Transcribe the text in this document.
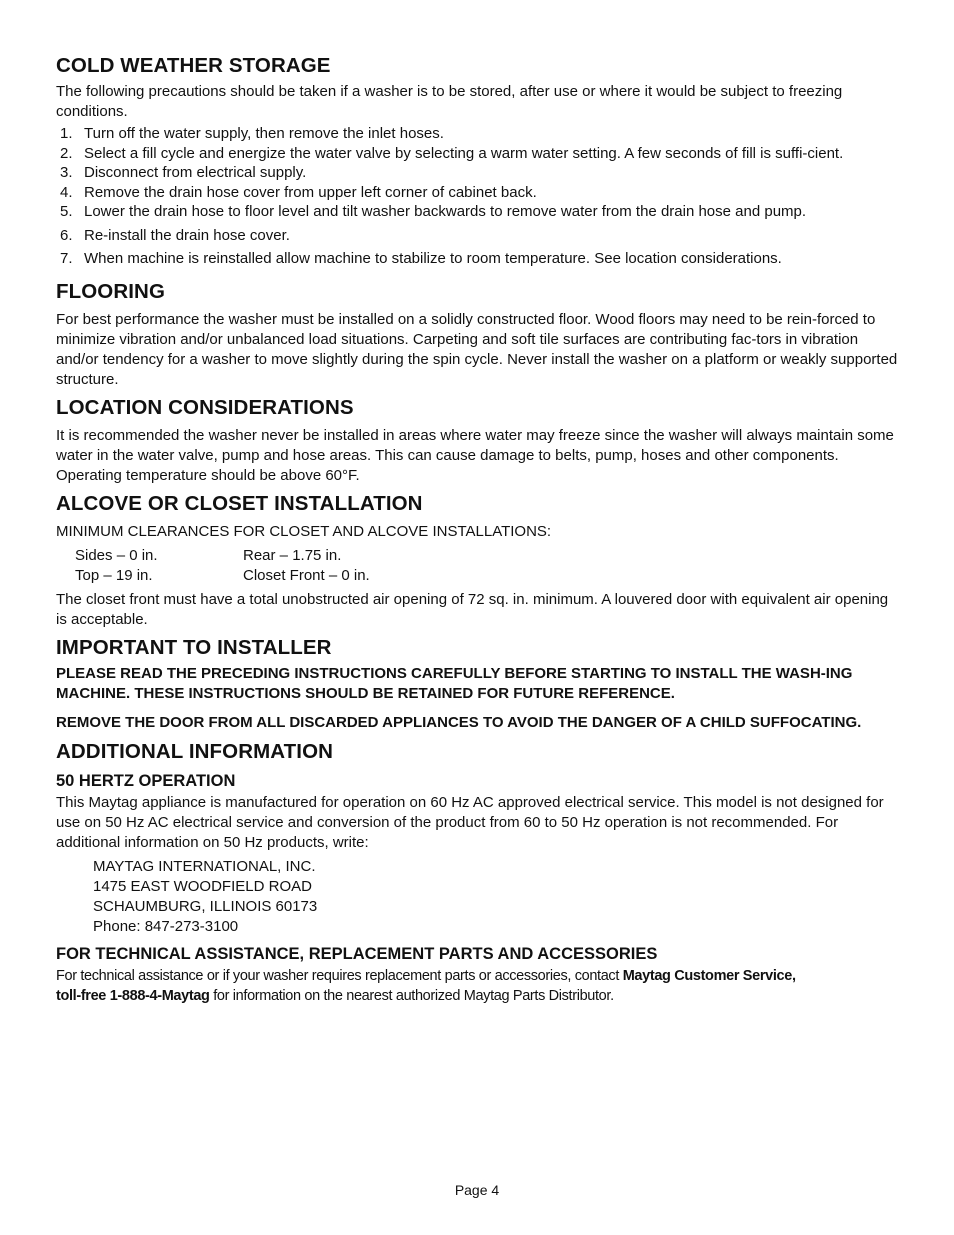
COLD WEATHER STORAGE

The following precautions should be taken if a washer is to be stored, after use or where it would be subject to freezing conditions.

1. Turn off the water supply, then remove the inlet hoses.
2. Select a fill cycle and energize the water valve by selecting a warm water setting. A few seconds of fill is suffi-cient.
3. Disconnect from electrical supply.
4. Remove the drain hose cover from upper left corner of cabinet back.
5. Lower the drain hose to floor level and tilt washer backwards to remove water from the drain hose and pump.
6. Re-install the drain hose cover.
7. When machine is reinstalled allow machine to stabilize to room temperature. See location considerations.
FLOORING

For best performance the washer must be installed on a solidly constructed floor. Wood floors may need to be rein-forced to minimize vibration and/or unbalanced load situations. Carpeting and soft tile surfaces are contributing fac-tors in vibration and/or tendency for a washer to move slightly during the spin cycle. Never install the washer on a platform or weakly supported structure.

LOCATION CONSIDERATIONS

It is recommended the washer never be installed in areas where water may freeze since the washer will always maintain some water in the water valve, pump and hose areas. This can cause damage to belts, pump, hoses and other components. Operating temperature should be above 60°F.

ALCOVE OR CLOSET INSTALLATION

MINIMUM CLEARANCES FOR CLOSET AND ALCOVE INSTALLATIONS:

Sides – 0 in.	Rear – 1.75 in.
Top – 19 in.	Closet Front – 0 in.

The closet front must have a total unobstructed air opening of 72 sq. in. minimum. A louvered door with equivalent air opening is acceptable.

IMPORTANT TO INSTALLER

PLEASE READ THE PRECEDING INSTRUCTIONS CAREFULLY BEFORE STARTING TO INSTALL THE WASH-ING MACHINE. THESE INSTRUCTIONS SHOULD BE RETAINED FOR FUTURE REFERENCE.

REMOVE THE DOOR FROM ALL DISCARDED APPLIANCES TO AVOID THE DANGER OF A CHILD SUFFOCATING.

ADDITIONAL INFORMATION
50 HERTZ OPERATION

This Maytag appliance is manufactured for operation on 60 Hz AC approved electrical service. This model is not designed for use on 50 Hz AC electrical service and conversion of the product from 60 to 50 Hz operation is not recommended. For additional information on 50 Hz products, write:

MAYTAG INTERNATIONAL, INC.
1475 EAST WOODFIELD ROAD
SCHAUMBURG, ILLINOIS 60173
Phone: 847-273-3100
FOR TECHNICAL ASSISTANCE, REPLACEMENT PARTS AND ACCESSORIES

For technical assistance or if your washer requires replacement parts or accessories, contact Maytag Customer Service,
toll-free 1-888-4-Maytag for information on the nearest authorized Maytag Parts Distributor.

Page 4
